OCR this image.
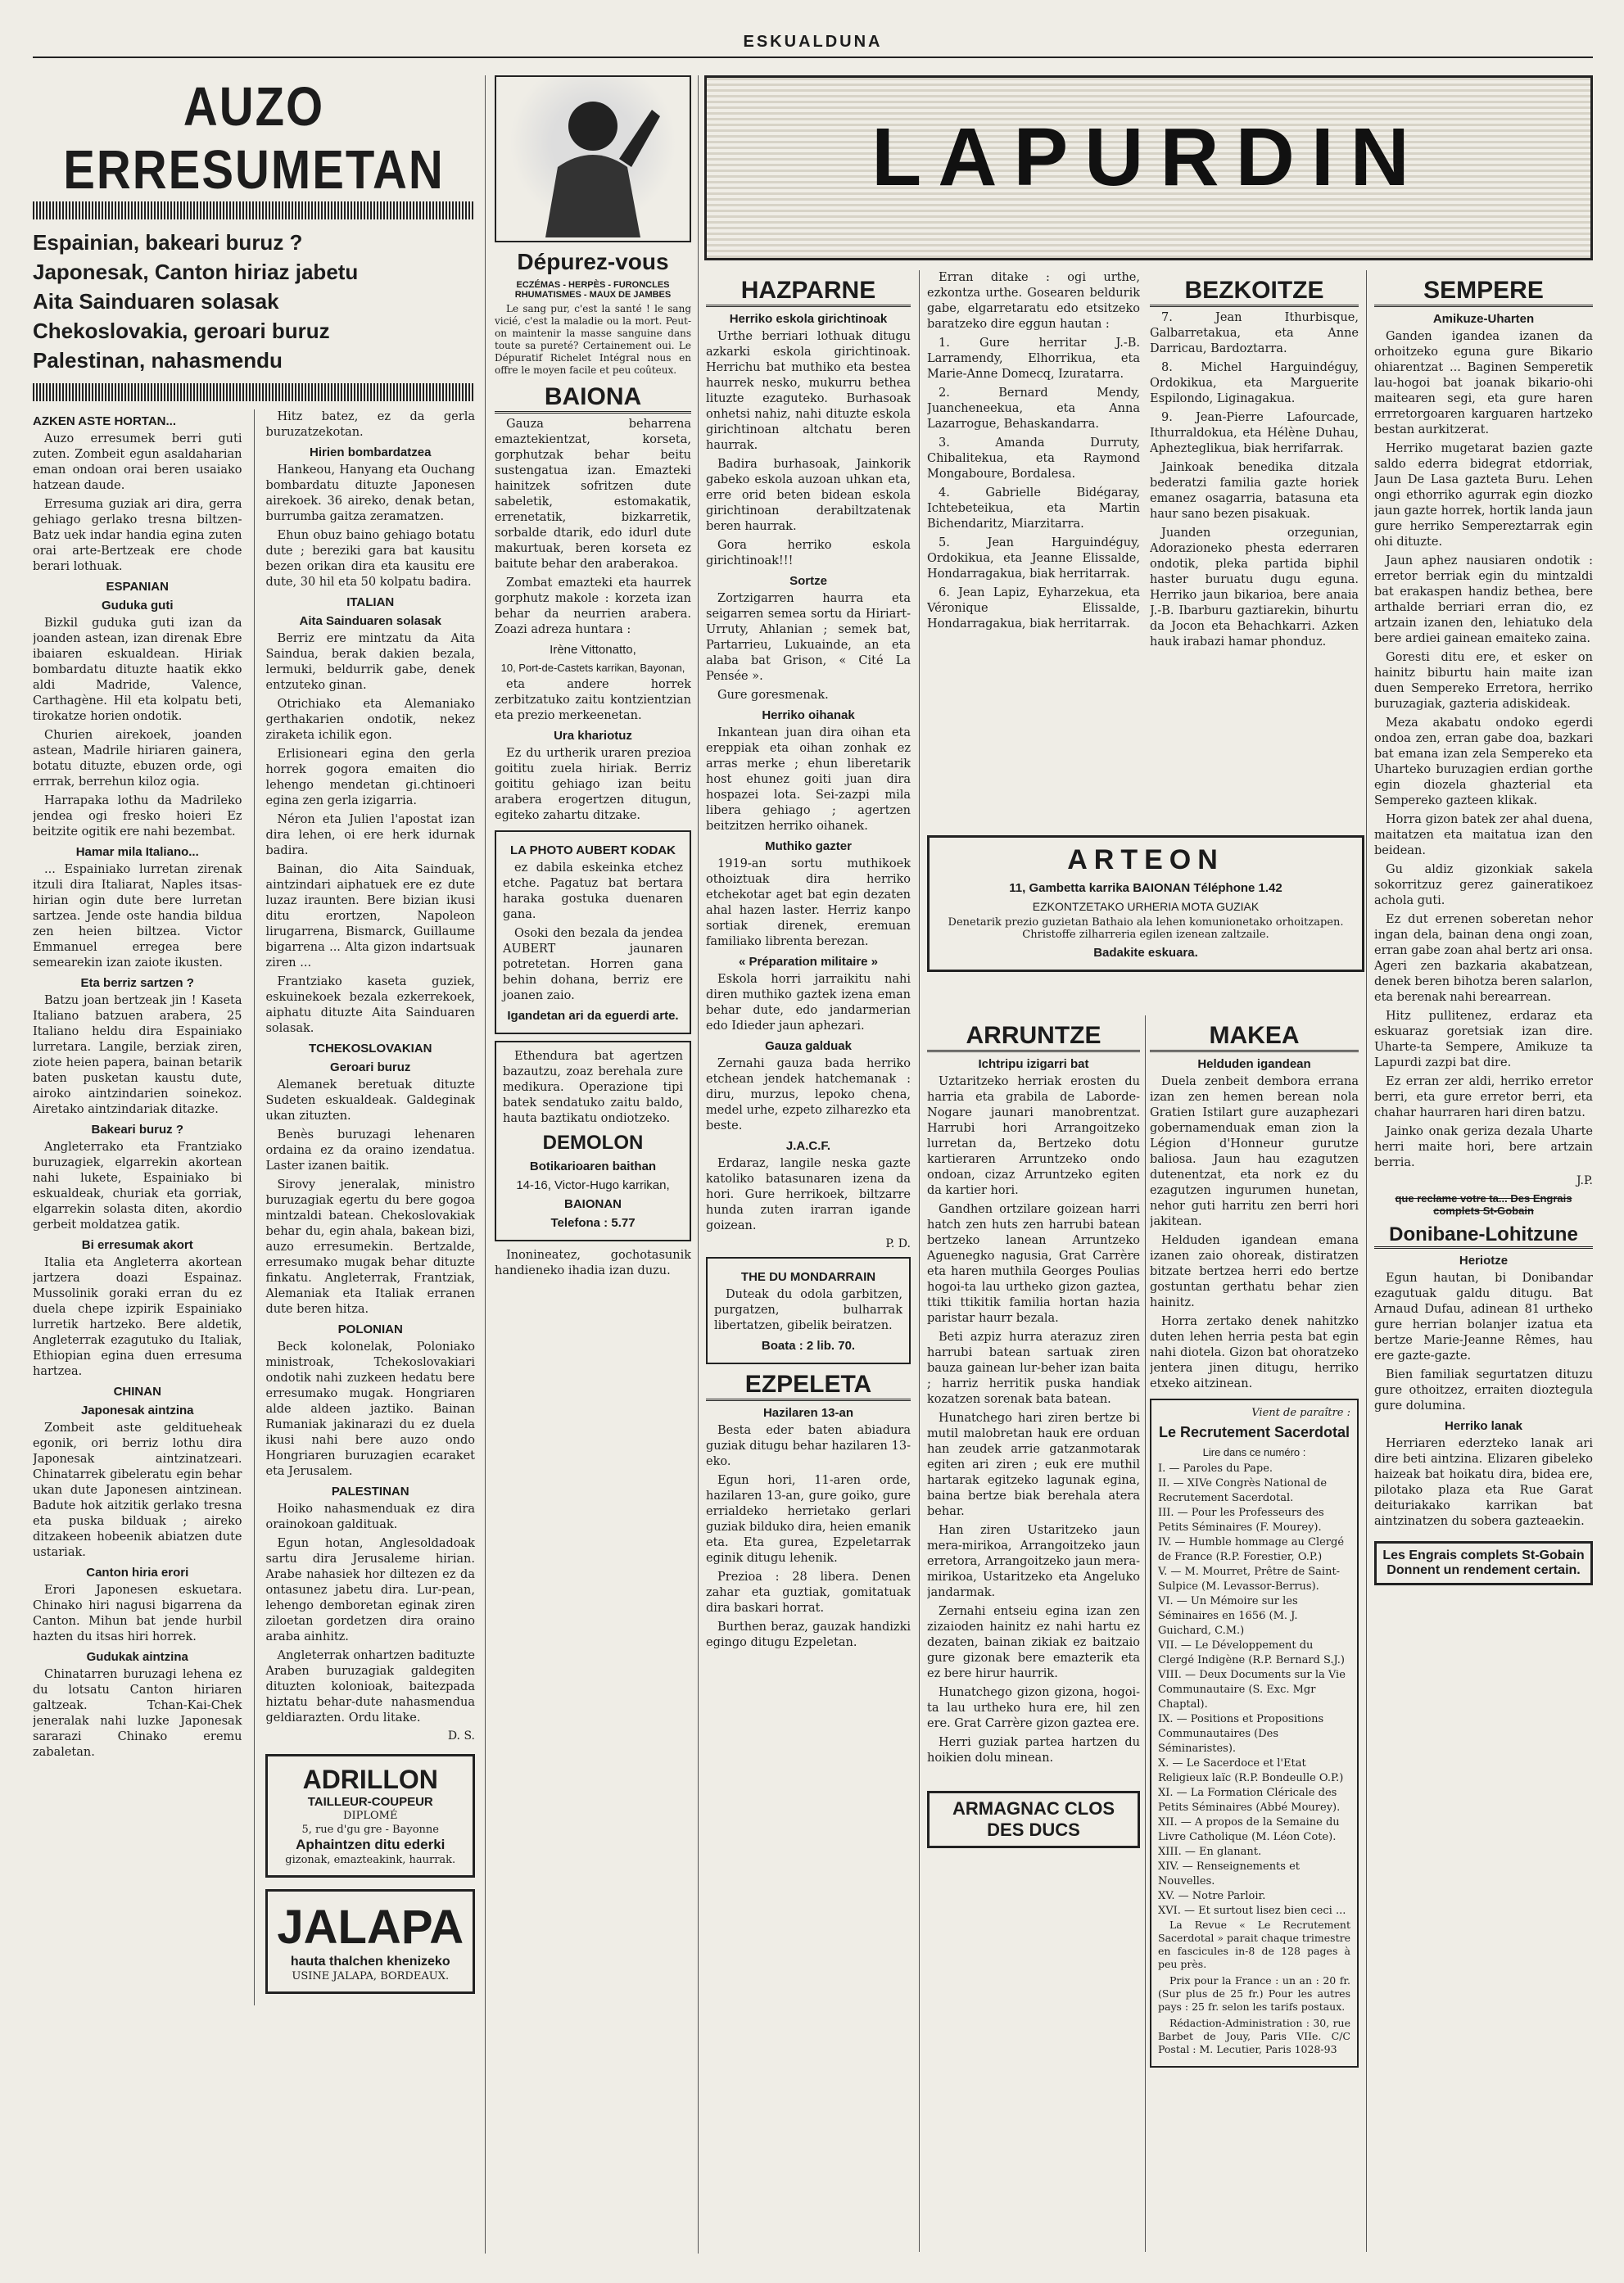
ESKUALDUNA
AUZO ERRESUMETAN
Espainian, bakeari buruz ?
Japonesak, Canton hiriaz jabetu
Aita Sainduaren solasak
Chekoslovakia, geroari buruz
Palestinan, nahasmendu
AZKEN ASTE HORTAN...

Auzo erresumek berri guti zuten. Zombeit egun asaldaharian eman ondoan orai beren usaiako hatzean daude.

Erresuma guziak ari dira, gerra gehiago gerlako tresna biltzen-Batz uek indar handia egina zuten orai arte-Bertzeak ere chode berari lothuak.

ESPANIAN
Guduka guti

Bizkil guduka guti izan da joanden astean, izan direnak Ebre ibaiaren eskualdean. Hiriak bombardatu dituzte haatik ekko aldi Madride, Valence, Carthagène. Hil eta kolpatu beti, tirokatze horien ondotik.

Churien airekoek, joanden astean, Madrile hiriaren gainera, botatu dituzte, ebuzen orde, ogi errrak, berrehun kiloz ogia.

Harrapaka lothu da Madrileko jendea ogi fresko hoieri Ez beitzite ogitik ere nahi bezembat.

Hamar mila Italiano...

... Espainiako lurretan zirenak itzuli dira Italiarat, Naples itsas-hirian ogin dute bere lurretan sartzea. Jende oste handia bildua zen heien biltzea. Victor Emmanuel erregea bere semearekin izan zaiote ikusten.

Eta berriz sartzen ?

Batzu joan bertzeak jin ! Kaseta Italiano batzuen arabera, 25 Italiano heldu dira Espainiako lurretara. Langile, berziak ziren, ziote heien papera, bainan betarik baten pusketan kaustu dute, airoko aintzindarien soinekoz. Airetako aintzindariak ditazke.

Bakeari buruz ?

Angleterrako eta Frantziako buruzagiek, elgarrekin akortean nahi lukete, Espainiako bi eskualdeak, churiak eta gorriak, elgarrekin solasta diten, akordio gerbeit moldatzea gatik.

Bi erresumak akort

Italia eta Angleterra akortean jartzera doazi Espainaz. Mussolinik goraki erran du ez duela chepe izpirik Espainiako lurretik hartzeko. Bere aldetik, Angleterrak ezagutuko du Italiak, Ethiopian egina duen erresuma hartzea.

CHINAN
Japonesak aintzina

Zombeit aste gelditueheak egonik, ori berriz lothu dira Japonesak aintzinatzeari. Chinatarrek gibeleratu egin behar ukan dute Japonesen aintzinean. Badute hok aitzitik gerlako tresna eta puska bilduak ; aireko ditzakeen hobeenik abiatzen dute ustariak.

Canton hiria erori

Erori Japonesen eskuetara. Chinako hiri nagusi bigarrena da Canton. Mihun bat jende hurbil hazten du itsas hiri horrek.

Gudukak aintzina

Chinatarren buruzagi lehena ez du lotsatu Canton hiriaren galtzeak. Tchan-Kai-Chek jeneralak nahi luzke Japonesak sararazi Chinako eremu zabaletan.

Hitz batez, ez da gerla buruzatzekotan.

Hirien bombardatzea

Hankeou, Hanyang eta Ouchang bombardatu dituzte Japonesen airekoek. 36 aireko, denak betan, burrumba gaitza zeramatzen.

Ehun obuz baino gehiago botatu dute ; bereziki gara bat kausitu bezen orikan dira eta kausitu ere dute, 30 hil eta 50 kolpatu badira.

ITALIAN
Aita Sainduaren solasak

Berriz ere mintzatu da Aita Saindua, berak dakien bezala, lermuki, beldurrik gabe, denek entzuteko ginan.

Otrichiako eta Alemaniako gerthakarien ondotik, nekez ziraketa ichilik egon.

Erlisioneari egina den gerla horrek gogora emaiten dio lehengo mendetan gi.chtinoeri egina zen gerla izigarria.

Néron eta Julien l'apostat izan dira lehen, oi ere herk idurnak badira.

Bainan, dio Aita Sainduak, aintzindari aiphatuek ere ez dute luzaz iraunten. Bere bizian ikusi ditu erortzen, Napoleon lirugarrena, Bismarck, Guillaume bigarrena ... Alta gizon indartsuak ziren ...

Frantziako kaseta guziek, eskuinekoek bezala ezkerrekoek, aiphatu dituzte Aita Sainduaren solasak.

TCHEKOSLOVAKIAN
Geroari buruz

Alemanek beretuak dituzte Sudeten eskualdeak. Galdeginak ukan zituzten.

Benès buruzagi lehenaren ordaina ez da oraino izendatua. Laster izanen baitik.

Sirovy jeneralak, ministro buruzagiak egertu du bere gogoa mintzaldi batean. Chekoslovakiak behar du, egin ahala, bakean bizi, auzo erresumekin. Bertzalde, erresumako mugak behar dituzte finkatu. Angleterrak, Frantziak, Alemaniak eta Italiak erranen dute beren hitza.

POLONIAN

Beck kolonelak, Poloniako ministroak, Tchekoslovakiari ondotik nahi zuzkeen hedatu bere erresumako mugak. Hongriaren alde aldeen jaztiko. Bainan Rumaniak jakinarazi du ez duela ikusi nahi bere auzo ondo Hongriaren buruzagien ecaraket eta Jerusalem.

PALESTINAN

Hoiko nahasmenduak ez dira orainokoan galdituak.

Egun hotan, Anglesoldadoak sartu dira Jerusaleme hirian. Arabe nahasiek hor diltezen ez da ontasunez jabetu dira. Lur-pean, lehengo demboretan eginak ziren ziloetan gordetzen dira oraino araba ainhitz.

Angleterrak onhartzen badituzte Araben buruzagiak galdegiten dituzten kolonioak, baitezpada hiztatu behar-dute nahasmendua geldiarazten. Ordu litake.

D. S.
ADRILLON
TAILLEUR-COUPEUR
DIPLOMÉ
5, rue d'gu gre - Bayonne
Aphaintzen ditu ederki
gizonak, emazteakink, haurrak.
JALAPA
hauta thalchen khenizeko
USINE JALAPA, BORDEAUX.
Dépurez-vous
ECZÉMAS - HERPÈS - FURONCLES RHUMATISMES - MAUX DE JAMBES

Le sang pur, c'est la santé ! le sang vicié, c'est la maladie ou la mort. Peut-on maintenir la masse sanguine dans toute sa pureté? Certainement oui. Le Dépuratif Richelet Intégral nous en offre le moyen facile et peu coûteux.

BAIONA

Gauza beharrena emaztekientzat, korseta, gorphutzak behar beitu sustengatua izan. Emazteki hainitzek sofritzen dute sabeletik, estomakatik, errenetatik, bizkarretik, sorbalde dtarik, edo idurl dute makurtuak, beren korseta ez baitute behar den araberakoa.

Zombat emazteki eta haurrek gorphutz makole : korzeta izan behar da neurrien arabera. Zoazi adreza huntara :

Irène Vittonatto,
10, Port-de-Castets karrikan, Bayonan,

eta andere horrek zerbitzatuko zaitu kontzientzian eta prezio merkeenetan.

Ura khariotuz

Ez du urtherik uraren prezioa goititu zuela hiriak. Berriz goititu gehiago izan beitu arabera erogertzen ditugun, egiteko zahartu ditzake.

LA PHOTO AUBERT KODAK

ez dabila eskeinka etchez etche. Pagatuz bat bertara haraka gostuka duenaren gana.

Osoki den bezala da jendea AUBERT jaunaren potretetan. Horren gana behin dohana, berriz ere joanen zaio.

Igandetan ari da eguerdi arte.

Ethendura bat agertzen bazautzu, zoaz berehala zure medikura. Operazione tipi batek sendatuko zaitu baldo, hauta baztikatu ondiotzeko.

DEMOLON
Botikarioaren baithan
14-16, Victor-Hugo karrikan,
BAIONAN
Telefona : 5.77

Inonineatez, gochotasunik handieneko ihadia izan duzu.

LAPURDIN
HAZPARNE
Herriko eskola girichtinoak

Urthe berriari lothuak ditugu azkarki eskola girichtinoak. Herrichu bat muthiko eta bestea haurrek nesko, mukurru bethea lituzte ezaguteko. Burhasoak onhetsi nahiz, nahi dituzte eskola girichtinoan altchatu beren haurrak.

Badira burhasoak, Jainkorik gabeko eskola auzoan uhkan eta, erre orid beten bidean eskola girichtinoan derabiltzatenak beren haurrak.

Gora herriko eskola girichtinoak!!!

Sortze

Zortzigarren haurra eta seigarren semea sortu da Hiriart-Urruty, Ahlanian ; semek bat, Partarrieu, Lukuainde, an eta alaba bat Grison, « Cité La Pensée ».

Gure goresmenak.

Herriko oihanak

Inkantean juan dira oihan eta ereppiak eta oihan zonhak ez arras merke ; ehun liberetarik host ehunez goiti juan dira hospazei lota. Sei-zazpi mila libera gehiago ; agertzen beitzitzen herriko oihanek.

Muthiko gazter

1919-an sortu muthikoek othoiztuak dira herriko etchekotar aget bat egin dezaten ahal hazen laster. Herriz kanpo sortiak direnek, eremuan familiako librenta berezan.

« Préparation militaire »

Eskola horri jarraikitu nahi diren muthiko gaztek izena eman behar dute, edo jandarmerian edo Idieder jaun aphezari.

Gauza galduak

Zernahi gauza bada herriko etchean jendek hatchemanak : diru, murzus, lepoko chena, medel urhe, ezpeto zilharezko eta beste.

J.A.C.F.

Erdaraz, langile neska gazte katoliko batasunaren izena da hori. Gure herrikoek, biltzarre hunda zuten irarran igande goizean.

P. D.
THE DU MONDARRAIN

Duteak du odola garbitzen, purgatzen, bulharrak libertatzen, gibelik beiratzen.

Boata : 2 lib. 70.
EZPELETA
Hazilaren 13-an

Besta eder baten abiadura guziak ditugu behar hazilaren 13-eko.

Egun hori, 11-aren orde, hazilaren 13-an, gure goiko, gure errialdeko herrietako gerlari guziak bilduko dira, heien emanik eta. Eta gurea, Ezpeletarrak eginik ditugu lehenik.

Prezioa : 28 libera. Denen zahar eta guztiak, gomitatuak dira baskari horrat.

Burthen beraz, gauzak handizki egingo ditugu Ezpeletan.

Erran ditake : ogi urthe, ezkontza urthe. Gosearen beldurik gabe, elgarretaratu edo etsitzeko baratzeko dire eggun hautan :

1. Gure herritar J.-B. Larramendy, Elhorrikua, eta Marie-Anne Domecq, Izuratarra.

2. Bernard Mendy, Juancheneekua, eta Anna Lazarrogue, Behaskandarra.

3. Amanda Durruty, Chibalitekua, eta Raymond Mongaboure, Bordalesa.

4. Gabrielle Bidégaray, Ichtebeteikua, eta Martin Bichendaritz, Miarzitarra.

5. Jean Harguindéguy, Ordokikua, eta Jeanne Elissalde, Hondarragakua, biak herritarrak.

6. Jean Lapiz, Eyharzekua, eta Véronique Elissalde, Hondarragakua, biak herritarrak.

BEZKOITZE

7. Jean Ithurbisque, Galbarretakua, eta Anne Darricau, Bardoztarra.

8. Michel Harguindéguy, Ordokikua, eta Marguerite Espilondo, Liginagakua.

9. Jean-Pierre Lafourcade, Ithurraldokua, eta Hélène Duhau, Aphezteglikua, biak herrifarrak.

Jainkoak benedika ditzala bederatzi familia gazte horiek emanez osagarria, batasuna eta haur sano bezen pisakuak.

Juanden orzegunian, Adorazioneko phesta ederraren ondotik, pleka partida biphil haster buruatu dugu eguna. Herriko jaun bikarioa, bere anaia J.-B. Ibarburu gaztiarekin, bihurtu da Jocon eta Behachkarri. Azken hauk irabazi hamar phonduz.

ARTEON
11, Gambetta karrika BAIONAN Téléphone 1.42
EZKONTZETAKO URHERIA MOTA GUZIAK
Denetarik prezio guzietan Bathaio ala lehen komunionetako orhoitzapen.
Christoffe zilharreria egilen izenean zaltzaile.
Badakite eskuara.
ARRUNTZE
Ichtripu izigarri bat

Uztaritzeko herriak erosten du harria eta grabila de Laborde-Nogare jaunari manobrentzat. Harrubi hori Arrangoitzeko lurretan da, Bertzeko dotu kartieraren Arruntzeko ondo ondoan, cizaz Arruntzeko egiten da kartier hori.

Gandhen ortzilare goizean harri hatch zen huts zen harrubi batean bertzeko lanean Arruntzeko Aguenegko nagusia, Grat Carrère eta haren muthila Georges Poulias hogoi-ta lau urtheko gizon gaztea, ttiki ttikitik familia hortan hazia paristar haurr bezala.

Beti azpiz hurra aterazuz ziren harrubi batean sartuak ziren bauza gainean lur-beher izan baita ; harriz herritik puska handiak kozatzen sorenak bata batean.

Hunatchego hari ziren bertze bi mutil malobretan hauk ere orduan han zeudek arrie gatzanmotarak egiten ari ziren ; euk ere muthil hartarak egitzeko lagunak egina, baina bertze biak berehala atera behar.

Han ziren Ustaritzeko jaun mera-mirikoa, Arrangoitzeko jaun erretora, Arrangoitzeko jaun mera-mirikoa, Ustaritzeko eta Angeluko jandarmak.

Zernahi entseiu egina izan zen zizaioden hainitz ez nahi hartu ez dezaten, bainan zikiak ez baitzaio gure gizonak bere emazterik eta ez bere hirur haurrik.

Hunatchego gizon gizona, hogoi-ta lau urtheko hura ere, hil zen ere. Grat Carrère gizon gaztea ere.

Herri guziak partea hartzen du hoikien dolu minean.

ARMAGNAC CLOS DES DUCS
MAKEA
Helduden igandean

Duela zenbeit dembora errana izan zen hemen berean nola Gratien Istilart gure auzaphezari gobernamenduak eman zion la Légion d'Honneur gurutze baliosa. Jaun hau ezagutzen dutenentzat, eta nork ez du ezagutzen ingurumen hunetan, nehor guti harritu zen berri hori jakitean.

Helduden igandean emana izanen zaio ohoreak, distiratzen bitzate bertzea herri edo bertze gostuntan gerthatu behar zien hainitz.

Horra zertako denek nahitzko duten lehen herria pesta bat egin nahi diotela. Gizon bat ohoratzeko jentera jinen ditugu, herriko etxeko aitzinean.

Vient de paraître :
Le Recrutement Sacerdotal
Lire dans ce numéro :
I. — Paroles du Pape.
II. — XIVe Congrès National de Recrutement Sacerdotal.
III. — Pour les Professeurs des Petits Séminaires (F. Mourey).
IV. — Humble hommage au Clergé de France (R.P. Forestier, O.P.)
V. — M. Mourret, Prêtre de Saint-Sulpice (M. Levassor-Berrus).
VI. — Un Mémoire sur les Séminaires en 1656 (M. J. Guichard, C.M.)
VII. — Le Développement du Clergé Indigène (R.P. Bernard S.J.)
VIII. — Deux Documents sur la Vie Communautaire (S. Exc. Mgr Chaptal).
IX. — Positions et Propositions Communautaires (Des Séminaristes).
X. — Le Sacerdoce et l'Etat Religieux laïc (R.P. Bondeulle O.P.)
XI. — La Formation Cléricale des Petits Séminaires (Abbé Mourey).
XII. — A propos de la Semaine du Livre Catholique (M. Léon Cote).
XIII. — En glanant.
XIV. — Renseignements et Nouvelles.
XV. — Notre Parloir.
XVI. — Et surtout lisez bien ceci ...

La Revue « Le Recrutement Sacerdotal » parait chaque trimestre en fascicules in-8 de 128 pages à peu près.

Prix pour la France : un an : 20 fr. (Sur plus de 25 fr.) Pour les autres pays : 25 fr. selon les tarifs postaux.

Rédaction-Administration : 30, rue Barbet de Jouy, Paris VIIe. C/C Postal : M. Lecutier, Paris 1028-93

SEMPERE
Amikuze-Uharten

Ganden igandea izanen da orhoitzeko eguna gure Bikario ohiarentzat ... Baginen Semperetik lau-hogoi bat joanak bikario-ohi maitearen segi, eta gure haren errretorgoaren karguaren hartzeko bestan aurkitzerat.

Herriko mugetarat bazien gazte saldo ederra bidegrat etdorriak, Jaun De Lasa gazteta Buru. Lehen ongi ethorriko agurrak egin diozko jaun gazte horrek, hortik landa jaun gure herriko Sempereztarrak egin ohi dituzte.

Jaun aphez nausiaren ondotik : erretor berriak egin du mintzaldi bat erakaspen handiz bethea, bere arthalde berriari erran dio, ez artzain izanen den, lehiatuko dela bere ardiei gainean emaiteko zaina.

Goresti ditu ere, et esker on hainitz biburtu hain maite izan duen Sempereko Erretora, herriko buruzagiak, gazteria adiskideak.

Meza akabatu ondoko egerdi ondoa zen, erran gabe doa, bazkari bat emana izan zela Sempereko eta Uharteko buruzagien erdian gorthe egin diozela ghazterial eta Sempereko gazteen klikak.

Horra gizon batek zer ahal duena, maitatzen eta maitatua izan den beidean.

Gu aldiz gizonkiak sakela sokorritzuz gerez gaineratikoez achola guti.

Ez dut errenen soberetan nehor ingan dela, bainan dena ongi zoan, erran gabe zoan ahal bertz ari onsa. Ageri zen bazkaria akabatzean, denek beren bihotza beren salarlon, eta berenak nahi berearrean.

Hitz pullitenez, erdaraz eta eskuaraz goretsiak izan dire. Uharte-ta Sempere, Amikuze ta Lapurdi zazpi bat dire.

Ez erran zer aldi, herriko erretor berri, eta gure erretor berri, eta chahar haurraren hari diren batzu.

Jainko onak geriza dezala Uharte herri maite hori, bere artzain berria.

J.P.
que reclame votre ta... Des Engrais complets St-Gobain
Donibane-Lohitzune
Heriotze

Egun hautan, bi Donibandar ezagutuak galdu ditugu. Bat Arnaud Dufau, adinean 81 urtheko gure herrian bolanjer izatua eta bertze Marie-Jeanne Rêmes, hau ere gazte-gazte.

Bien familiak segurtatzen dituzu gure othoitzez, erraiten dioztegula gure dolumina.

Herriko lanak

Herriaren ederzteko lanak ari dire beti aintzina. Elizaren gibeleko haizeak bat hoikatu dira, bidea ere, pilotako plaza eta Rue Garat deituriakako karrikan bat aintzinatzen du sobera gazteaekin.

Les Engrais complets St-Gobain Donnent un rendement certain.
